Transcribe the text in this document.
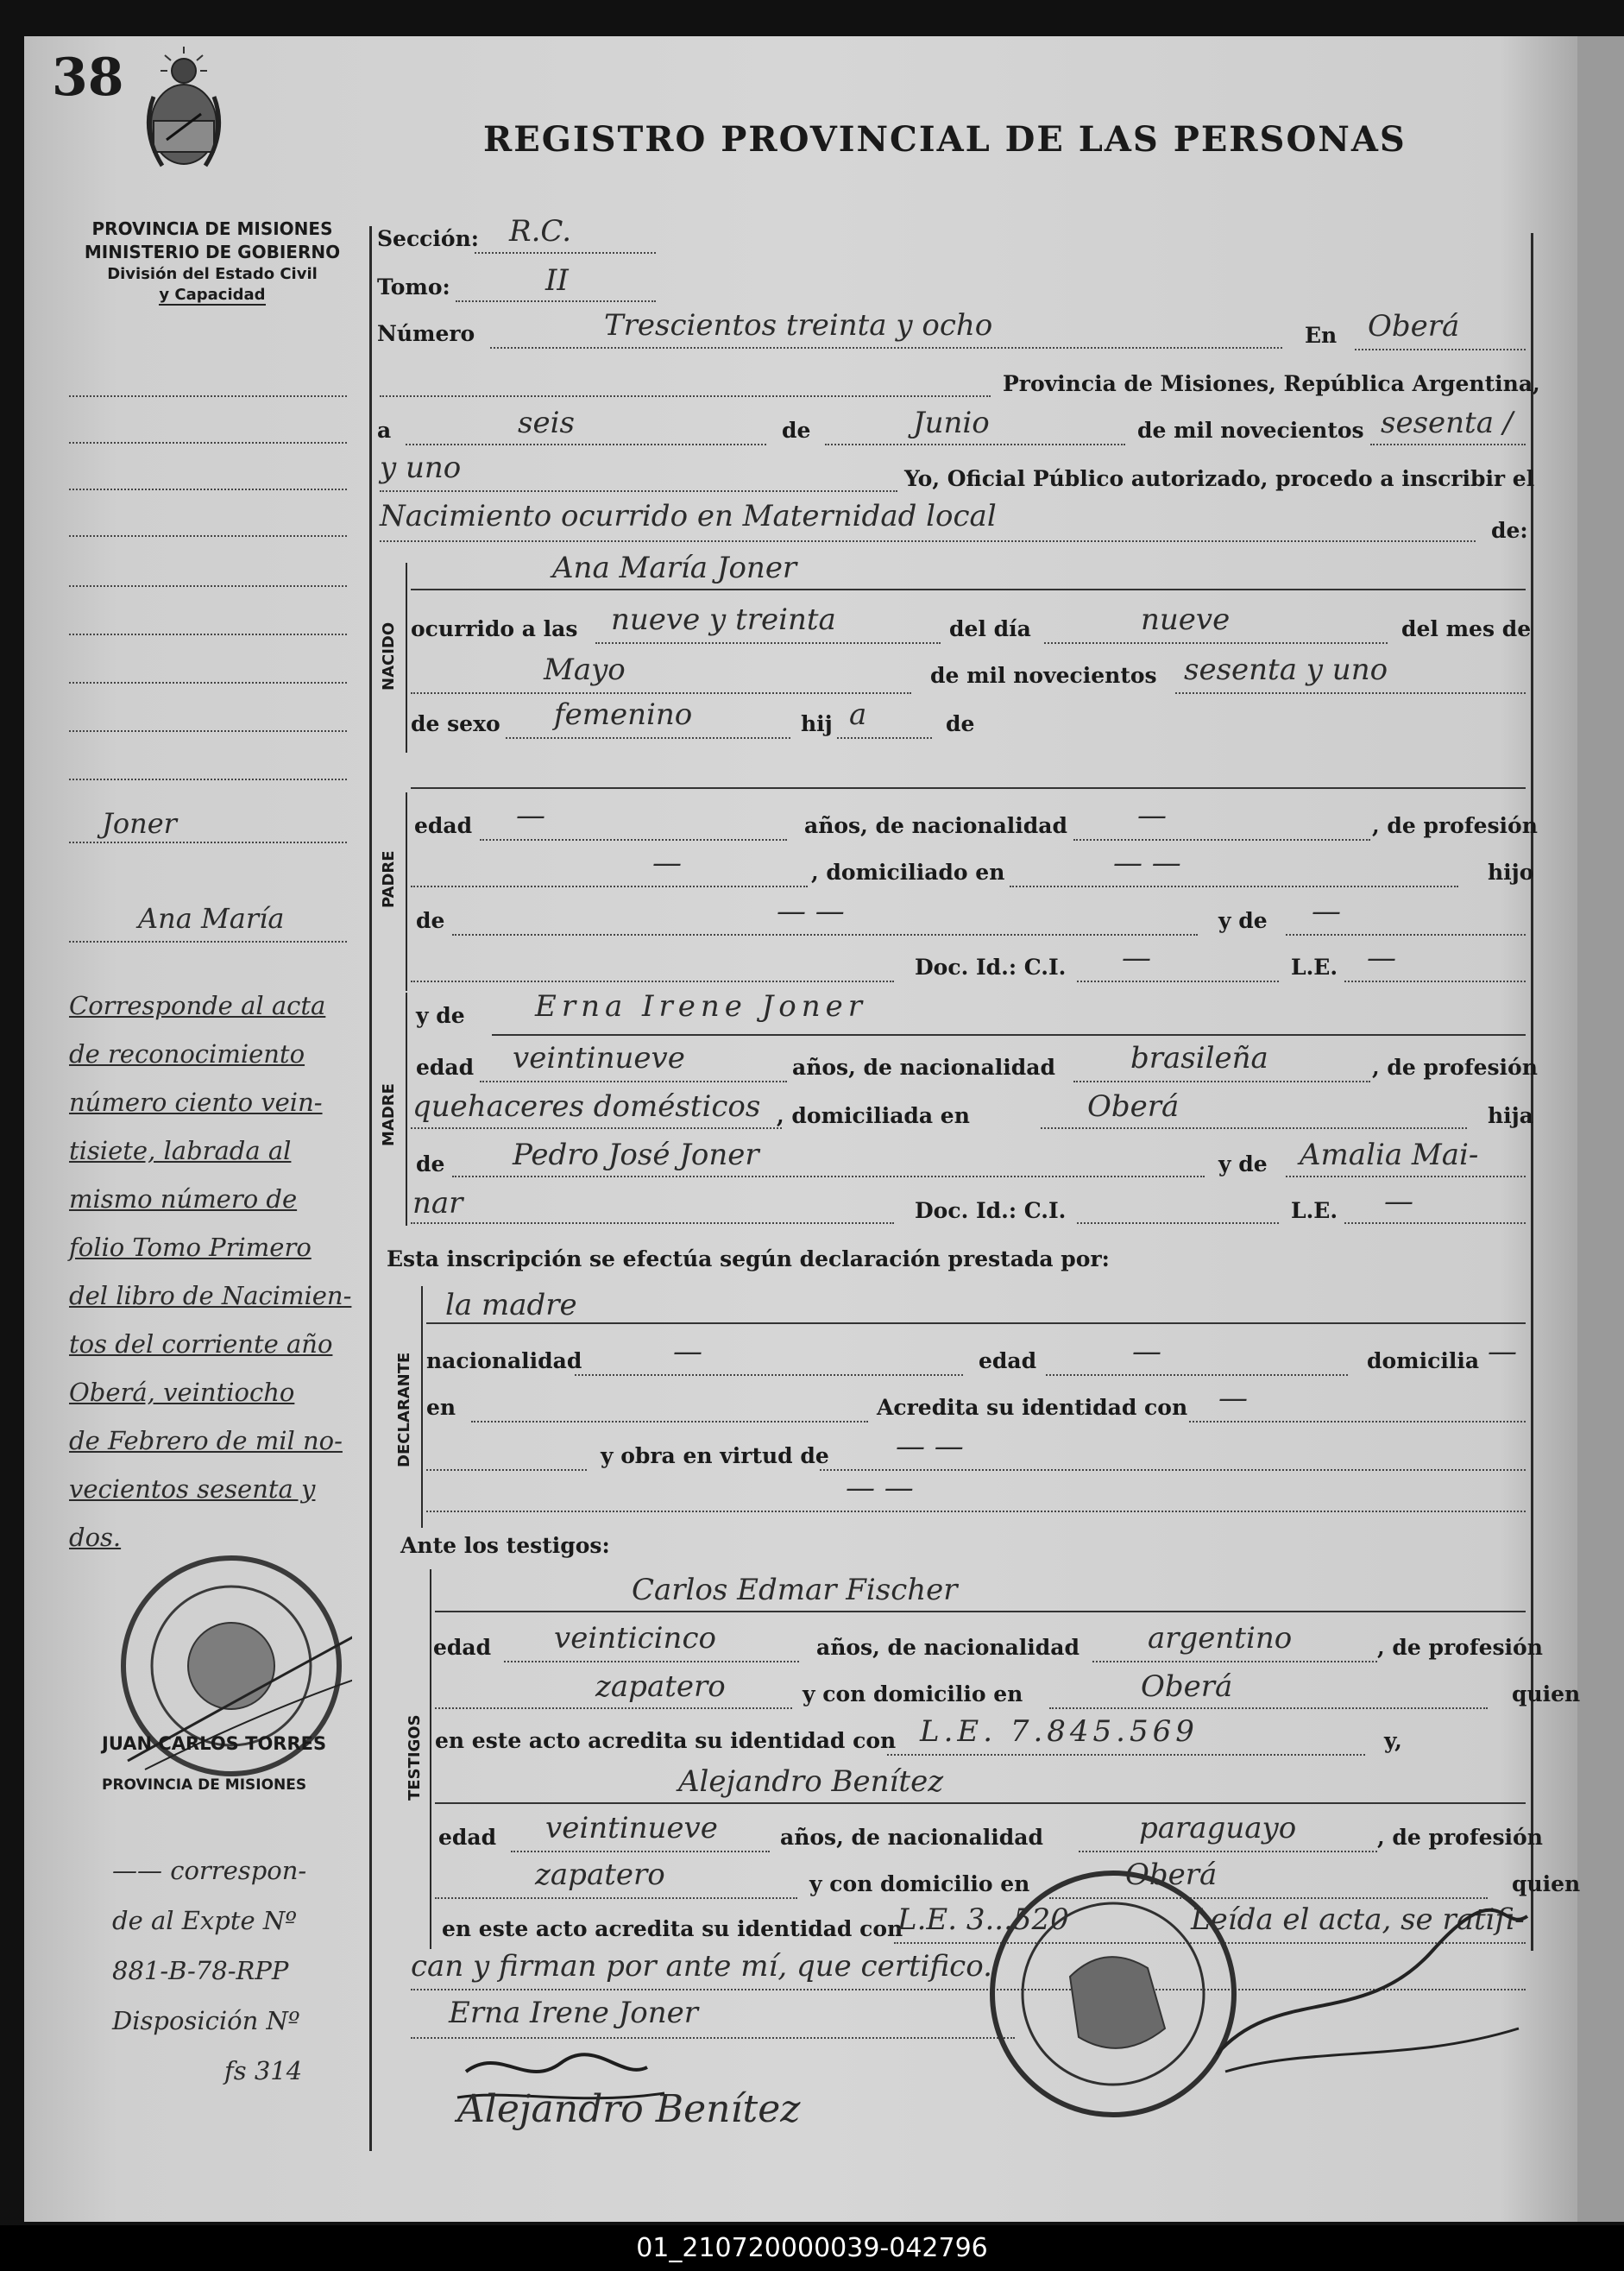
38
REGISTRO PROVINCIAL DE LAS PERSONAS
PROVINCIA DE MISIONES
MINISTERIO DE GOBIERNO
División del Estado Civil
y Capacidad
Joner
Ana María
Corresponde al acta
de reconocimiento
número ciento vein-
tisiete, labrada al
mismo número de
folio Tomo Primero
del libro de Nacimien-
tos del corriente año
Oberá, veintiocho
de Febrero de mil no-
vecientos sesenta y
dos.
JUAN CARLOS TORRES
PROVINCIA DE MISIONES
—— correspon-
de al Expte Nº
881-B-78-RPP
Disposición Nº
fs 314
Sección: R.C.
Tomo:	II
Número	Trescientos treinta y ocho	En Oberá
Provincia de Misiones, República Argentina,
a	seis	de	Junio	de mil novecientos sesenta /
y uno	Yo, Oficial Público autorizado, procedo a inscribir el
Nacimiento ocurrido en Maternidad local	de:
NACIDO
Ana María Joner
ocurrido a las nueve y treinta	del día	nueve	del mes de
Mayo	de mil novecientos sesenta y uno
de sexo femenino	hij a	de
PADRE
edad —	años, de nacionalidad —	, de profesión
—	, domiciliado en	— —	hijo
de	— —	y de —
Doc. Id.: C.I. —	L.E. —
MADRE
y de Erna Irene Joner
edad veintinueve	años, de nacionalidad	brasileña	, de profesión
quehaceres domésticos , domiciliada en	Oberá	hija
de Pedro José Joner	y de Amalia Mai-
nar	Doc. Id.: C.I.	L.E. —
Esta inscripción se efectúa según declaración prestada por:
DECLARANTE
la madre
nacionalidad	—	edad	—	domicilia —
en	Acredita su identidad con —
y obra en virtud de — —
— —
Ante los testigos:
TESTIGOS
Carlos Edmar Fischer
edad veinticinco	años, de nacionalidad argentino	, de profesión
zapatero	y con domicilio en	Oberá	quien
en este acto acredita su identidad con L.E. 7.845.569	y,
Alejandro Benítez
edad veintinueve	años, de nacionalidad	paraguayo	, de profesión
zapatero	y con domicilio en	Oberá	quien
en este acto acredita su identidad con
L.E. 3...520	Leída el acta, se ratifi-
can y firman por ante mí, que certifico.
Erna Irene Joner
Alejandro Benítez
01_210720000039-042796
